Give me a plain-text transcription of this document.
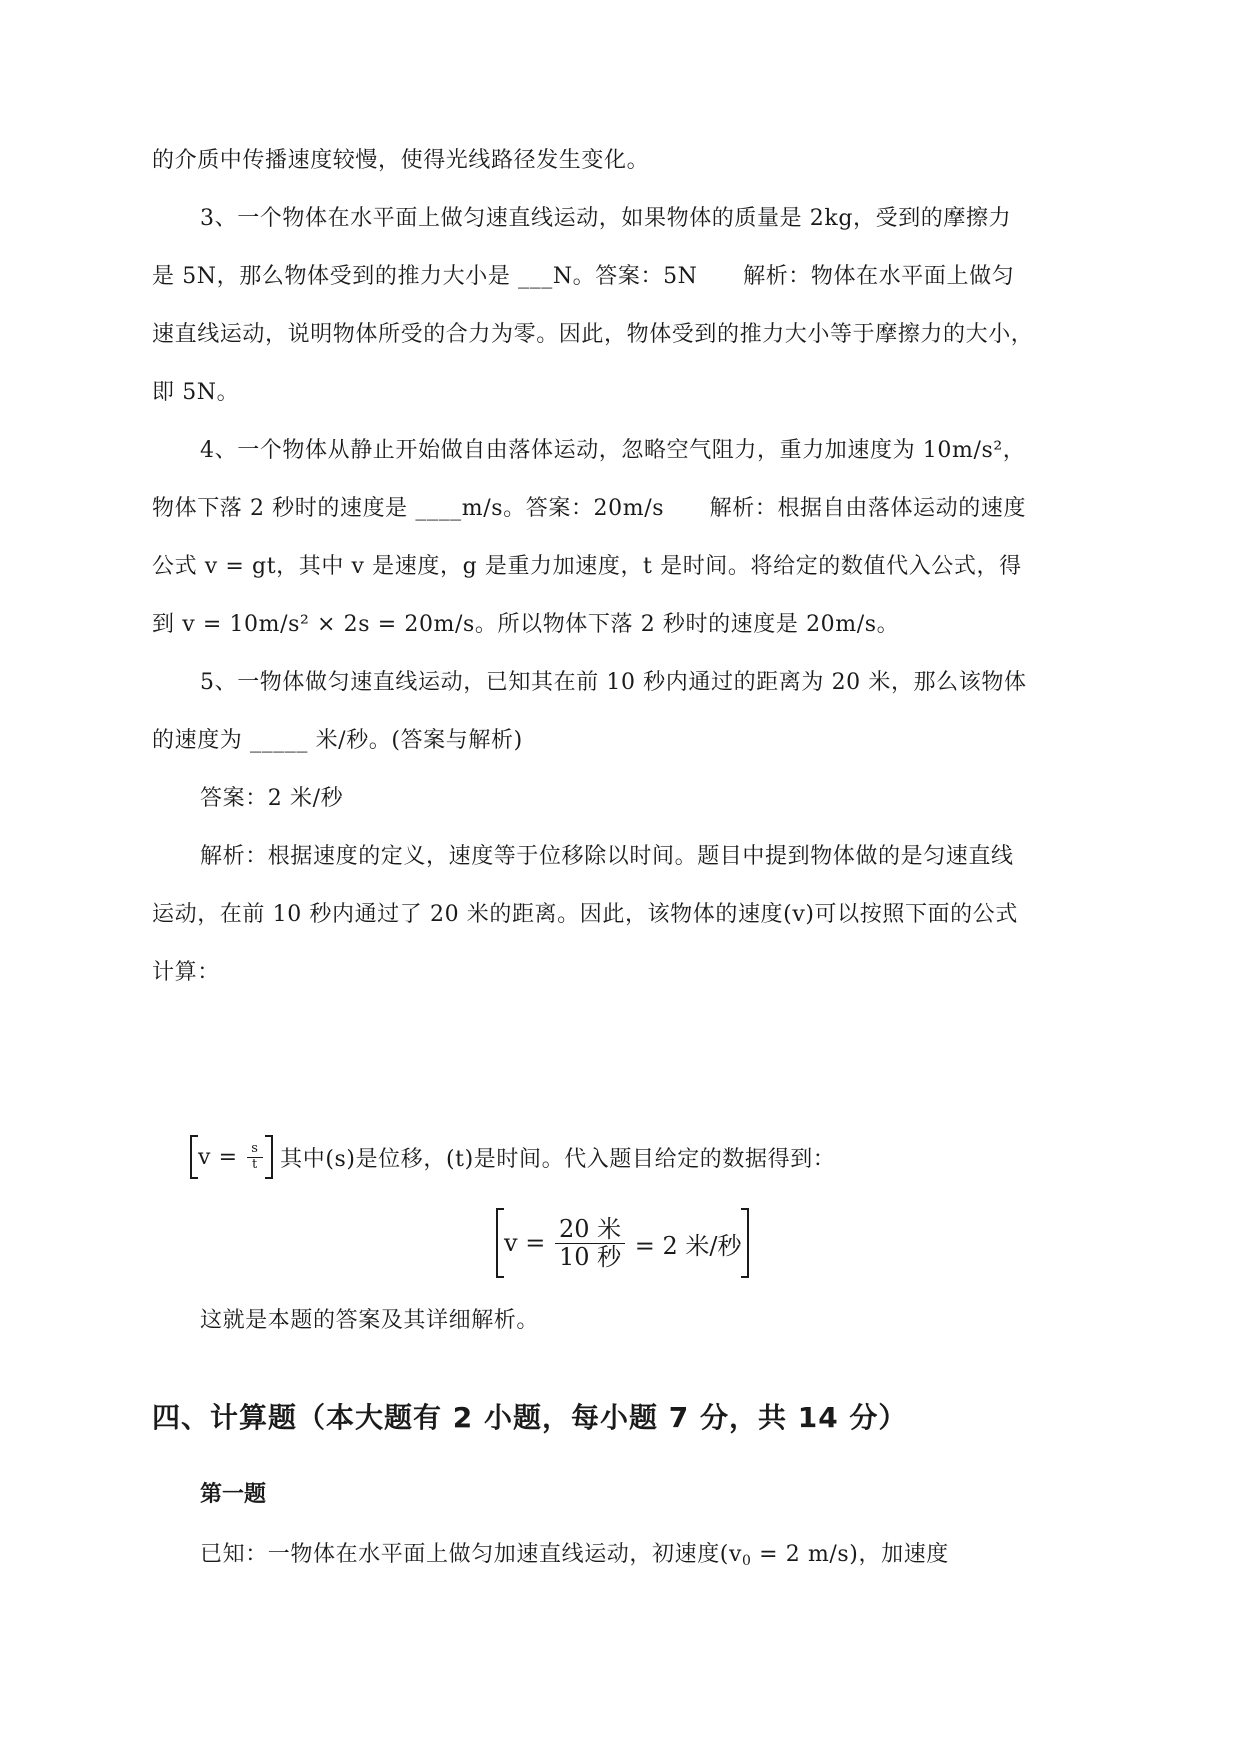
的介质中传播速度较慢，使得光线路径发生变化。
3、一个物体在水平面上做匀速直线运动，如果物体的质量是 2kg，受到的摩擦力
是 5N，那么物体受到的推力大小是 ___N。答案：5N      解析：物体在水平面上做匀
速直线运动，说明物体所受的合力为零。因此，物体受到的推力大小等于摩擦力的大小，
即 5N。
4、一个物体从静止开始做自由落体运动，忽略空气阻力，重力加速度为 10m/s²，
物体下落 2 秒时的速度是 ____m/s。答案：20m/s      解析：根据自由落体运动的速度
公式 v = gt，其中 v 是速度，g 是重力加速度，t 是时间。将给定的数值代入公式，得
到 v = 10m/s² × 2s = 20m/s。所以物体下落 2 秒时的速度是 20m/s。
5、一物体做匀速直线运动，已知其在前 10 秒内通过的距离为 20 米，那么该物体
的速度为 _____ 米/秒。(答案与解析)
答案：2 米/秒
解析：根据速度的定义，速度等于位移除以时间。题目中提到物体做的是匀速直线
运动，在前 10 秒内通过了 20 米的距离。因此，该物体的速度(v)可以按照下面的公式
计算：
$v = \frac{s}{t}$ 其中(s)是位移，(t)是时间。代入题目给定的数据得到：
$v = \frac{\text{20 米}}{\text{10 秒}} = 2$ 米/秒
这就是本题的答案及其详细解析。
四、计算题（本大题有 2 小题，每小题 7 分，共 14 分）
第一题
已知：一物体在水平面上做匀加速直线运动，初速度($v_0 = 2$ m/s)，加速度
